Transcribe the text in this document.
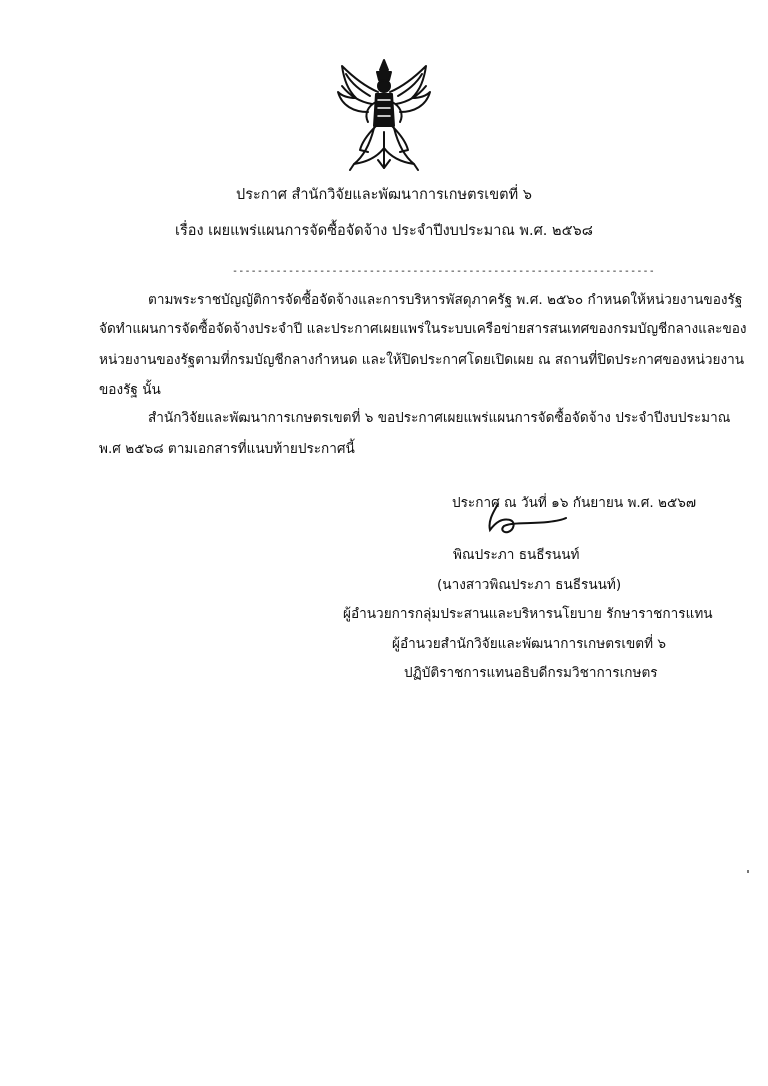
ประกาศ สำนักวิจัยและพัฒนาการเกษตรเขตที่ ๖
เรื่อง เผยแพร่แผนการจัดซื้อจัดจ้าง ประจำปีงบประมาณ พ.ศ. ๒๕๖๘
--------------------------------------------------------------------
ตามพระราชบัญญัติการจัดซื้อจัดจ้างและการบริหารพัสดุภาครัฐ พ.ศ. ๒๕๖๐ กำหนดให้หน่วยงานของรัฐ
จัดทำแผนการจัดซื้อจัดจ้างประจำปี และประกาศเผยแพร่ในระบบเครือข่ายสารสนเทศของกรมบัญชีกลางและของ
หน่วยงานของรัฐตามที่กรมบัญชีกลางกำหนด และให้ปิดประกาศโดยเปิดเผย ณ สถานที่ปิดประกาศของหน่วยงาน
ของรัฐ นั้น
สำนักวิจัยและพัฒนาการเกษตรเขตที่ ๖ ขอประกาศเผยแพร่แผนการจัดซื้อจัดจ้าง ประจำปีงบประมาณ
พ.ศ ๒๕๖๘ ตามเอกสารที่แนบท้ายประกาศนี้
ประกาศ ณ วันที่ ๑๖ กันยายน พ.ศ. ๒๕๖๗
พิณประภา ธนธีรนนท์
(นางสาวพิณประภา ธนธีรนนท์)
ผู้อำนวยการกลุ่มประสานและบริหารนโยบาย รักษาราชการแทน
ผู้อำนวยสำนักวิจัยและพัฒนาการเกษตรเขตที่ ๖
ปฏิบัติราชการแทนอธิบดีกรมวิชาการเกษตร
